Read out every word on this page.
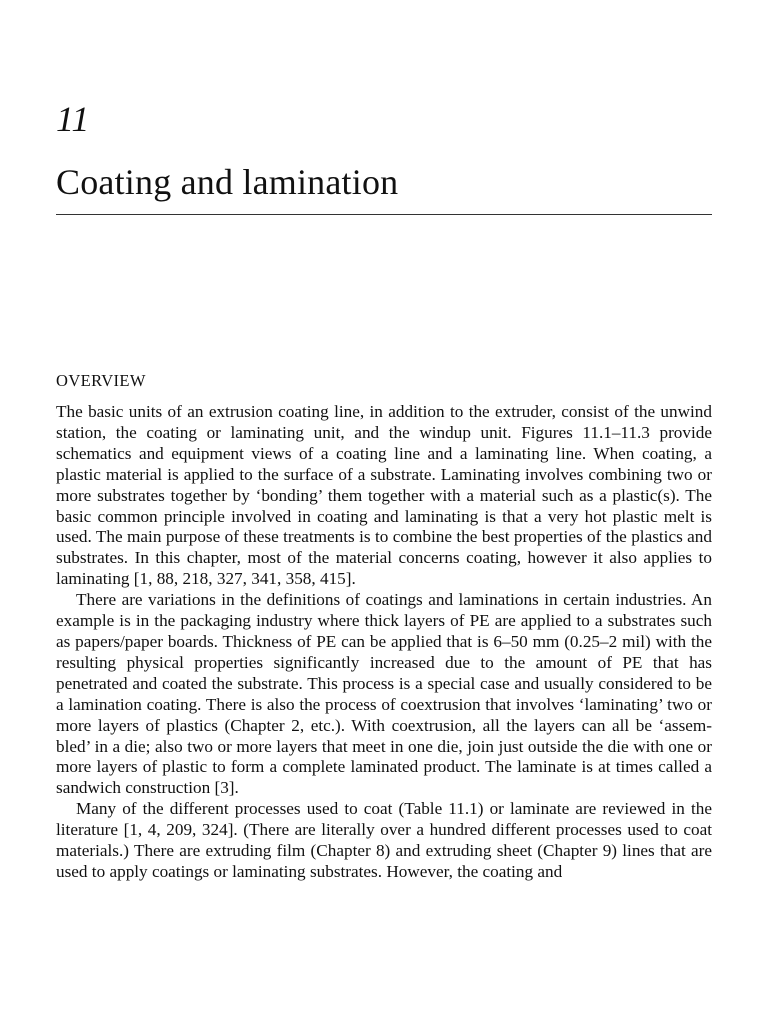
11
Coating and lamination
OVERVIEW

The basic units of an extrusion coating line, in addition to the extruder, consist of the unwind station, the coating or laminating unit, and the windup unit. Figures 11.1–11.3 provide schematics and equipment views of a coating line and a laminating line. When coating, a plastic material is applied to the surface of a substrate. Laminating involves combining two or more substrates together by ‘bonding’ them together with a material such as a plastic(s). The basic common principle involved in coating and laminating is that a very hot plastic melt is used. The main purpose of these treatments is to combine the best properties of the plastics and substrates. In this chapter, most of the material concerns coating, however it also applies to laminating [1, 88, 218, 327, 341, 358, 415].

There are variations in the definitions of coatings and laminations in certain industries. An example is in the packaging industry where thick layers of PE are applied to a substrates such as papers/paper boards. Thickness of PE can be applied that is 6–50 mm (0.25–2 mil) with the resulting physical properties significantly increased due to the amount of PE that has penetrated and coated the substrate. This process is a special case and usually considered to be a lamination coating. There is also the process of coextrusion that involves ‘laminating’ two or more layers of plastics (Chapter 2, etc.). With coextrusion, all the layers can all be ‘assem-bled’ in a die; also two or more layers that meet in one die, join just outside the die with one or more layers of plastic to form a complete laminated product. The laminate is at times called a sandwich construction [3].

Many of the different processes used to coat (Table 11.1) or laminate are reviewed in the literature [1, 4, 209, 324]. (There are literally over a hundred different processes used to coat materials.) There are extruding film (Chapter 8) and extruding sheet (Chapter 9) lines that are used to apply coatings or laminating substrates. However, the coating and
